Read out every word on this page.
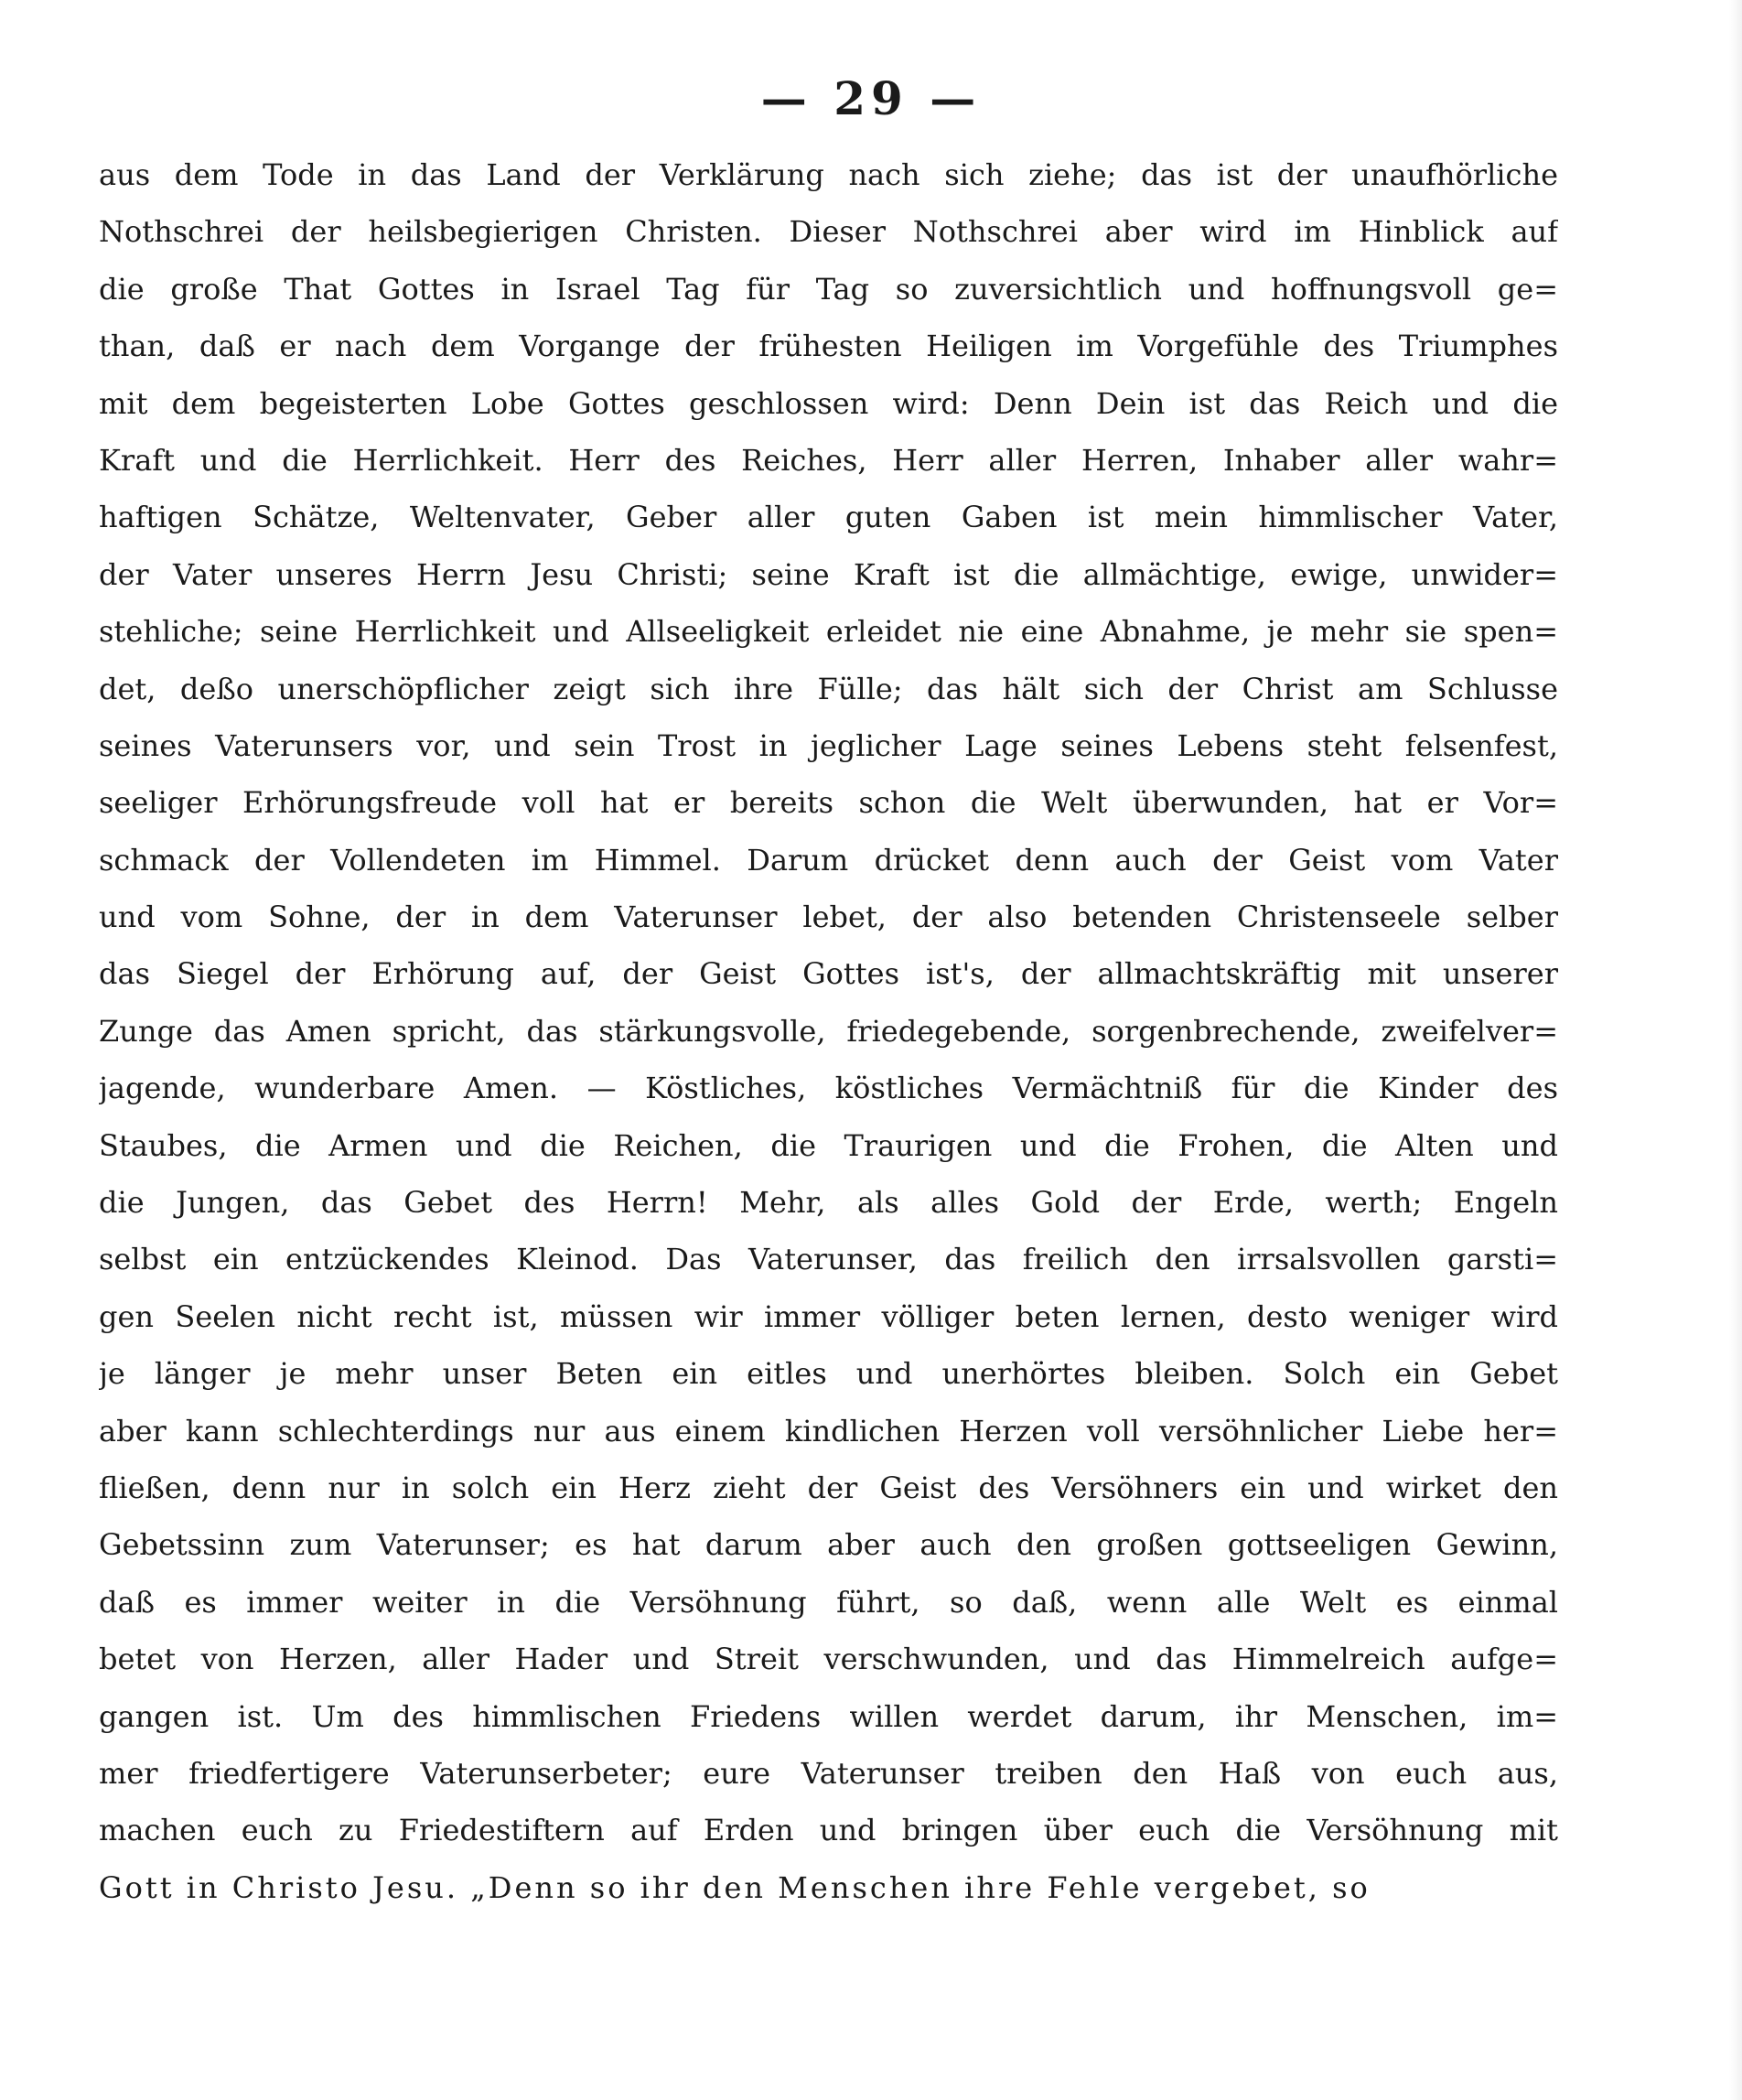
— 29 —
aus dem Tode in das Land der Verklärung nach sich ziehe; das ist der unaufhörliche
Nothschrei der heilsbegierigen Christen. Dieser Nothschrei aber wird im Hinblick auf
die große That Gottes in Israel Tag für Tag so zuversichtlich und hoffnungsvoll ge=
than, daß er nach dem Vorgange der frühesten Heiligen im Vorgefühle des Triumphes
mit dem begeisterten Lobe Gottes geschlossen wird: Denn Dein ist das Reich und die
Kraft und die Herrlichkeit. Herr des Reiches, Herr aller Herren, Inhaber aller wahr=
haftigen Schätze, Weltenvater, Geber aller guten Gaben ist mein himmlischer Vater,
der Vater unseres Herrn Jesu Christi; seine Kraft ist die allmächtige, ewige, unwider=
stehliche; seine Herrlichkeit und Allseeligkeit erleidet nie eine Abnahme, je mehr sie spen=
det, deßo unerschöpflicher zeigt sich ihre Fülle; das hält sich der Christ am Schlusse
seines Vaterunsers vor, und sein Trost in jeglicher Lage seines Lebens steht felsenfest,
seeliger Erhörungsfreude voll hat er bereits schon die Welt überwunden, hat er Vor=
schmack der Vollendeten im Himmel. Darum drücket denn auch der Geist vom Vater
und vom Sohne, der in dem Vaterunser lebet, der also betenden Christenseele selber
das Siegel der Erhörung auf, der Geist Gottes ist's, der allmachtskräftig mit unserer
Zunge das Amen spricht, das stärkungsvolle, friedegebende, sorgenbrechende, zweifelver=
jagende, wunderbare Amen. — Köstliches, köstliches Vermächtniß für die Kinder des
Staubes, die Armen und die Reichen, die Traurigen und die Frohen, die Alten und
die Jungen, das Gebet des Herrn! Mehr, als alles Gold der Erde, werth; Engeln
selbst ein entzückendes Kleinod. Das Vaterunser, das freilich den irrsalsvollen garsti=
gen Seelen nicht recht ist, müssen wir immer völliger beten lernen, desto weniger wird
je länger je mehr unser Beten ein eitles und unerhörtes bleiben. Solch ein Gebet
aber kann schlechterdings nur aus einem kindlichen Herzen voll versöhnlicher Liebe her=
fließen, denn nur in solch ein Herz zieht der Geist des Versöhners ein und wirket den
Gebetssinn zum Vaterunser; es hat darum aber auch den großen gottseeligen Gewinn,
daß es immer weiter in die Versöhnung führt, so daß, wenn alle Welt es einmal
betet von Herzen, aller Hader und Streit verschwunden, und das Himmelreich aufge=
gangen ist. Um des himmlischen Friedens willen werdet darum, ihr Menschen, im=
mer friedfertigere Vaterunserbeter; eure Vaterunser treiben den Haß von euch aus,
machen euch zu Friedestiftern auf Erden und bringen über euch die Versöhnung mit
Gott in Christo Jesu. „Denn so ihr den Menschen ihre Fehle vergebet, so
